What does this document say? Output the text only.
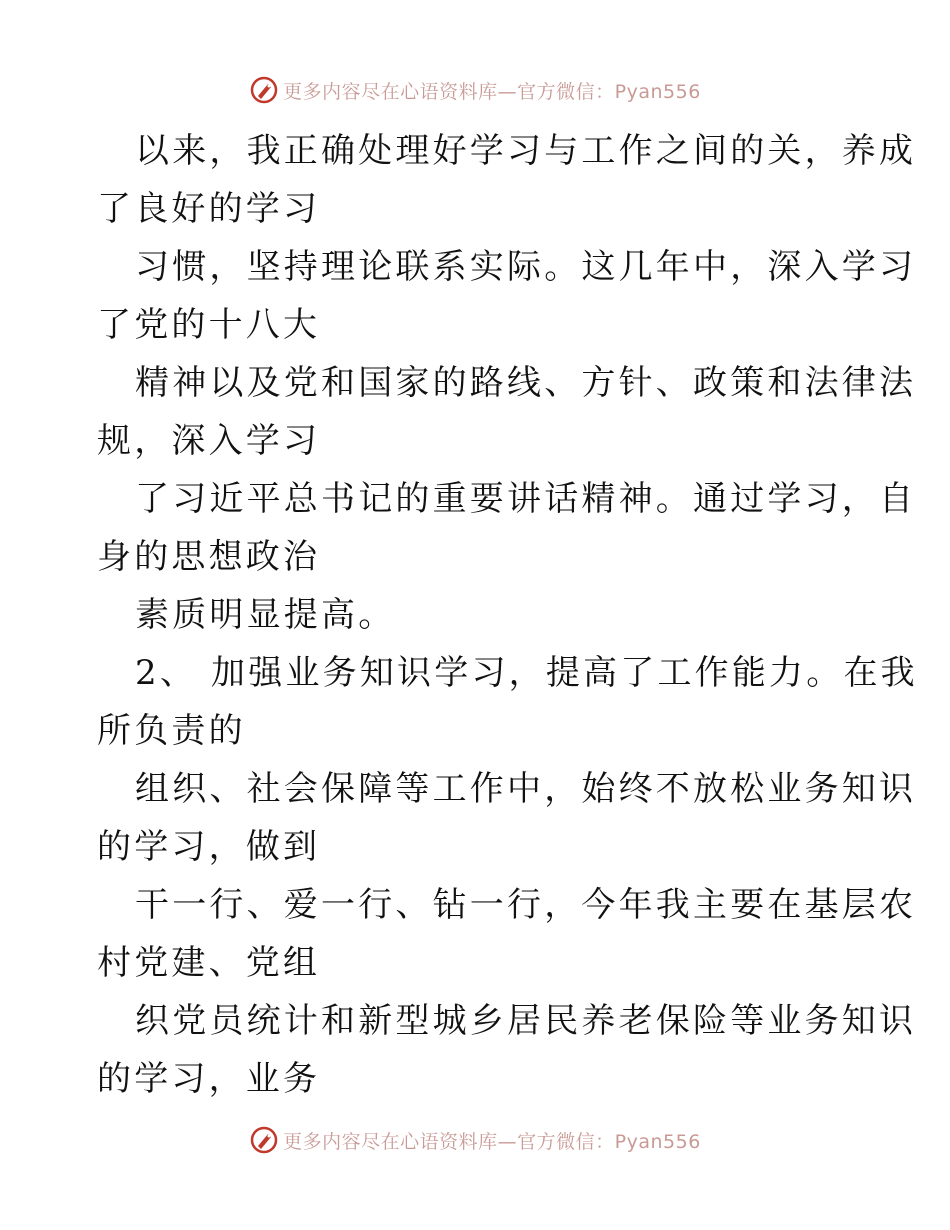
更多内容尽在心语资料库—官方微信：Pyan556
以来，我正确处理好学习与工作之间的关，养成
了良好的学习
习惯，坚持理论联系实际。这几年中，深入学习
了党的十八大
精神以及党和国家的路线、方针、政策和法律法
规，深入学习
了习近平总书记的重要讲话精神。通过学习，自
身的思想政治
素质明显提高。
2、 加强业务知识学习，提高了工作能力。在我
所负责的
组织、社会保障等工作中，始终不放松业务知识
的学习，做到
干一行、爱一行、钻一行，今年我主要在基层农
村党建、党组
织党员统计和新型城乡居民养老保险等业务知识
的学习，业务
更多内容尽在心语资料库—官方微信：Pyan556
